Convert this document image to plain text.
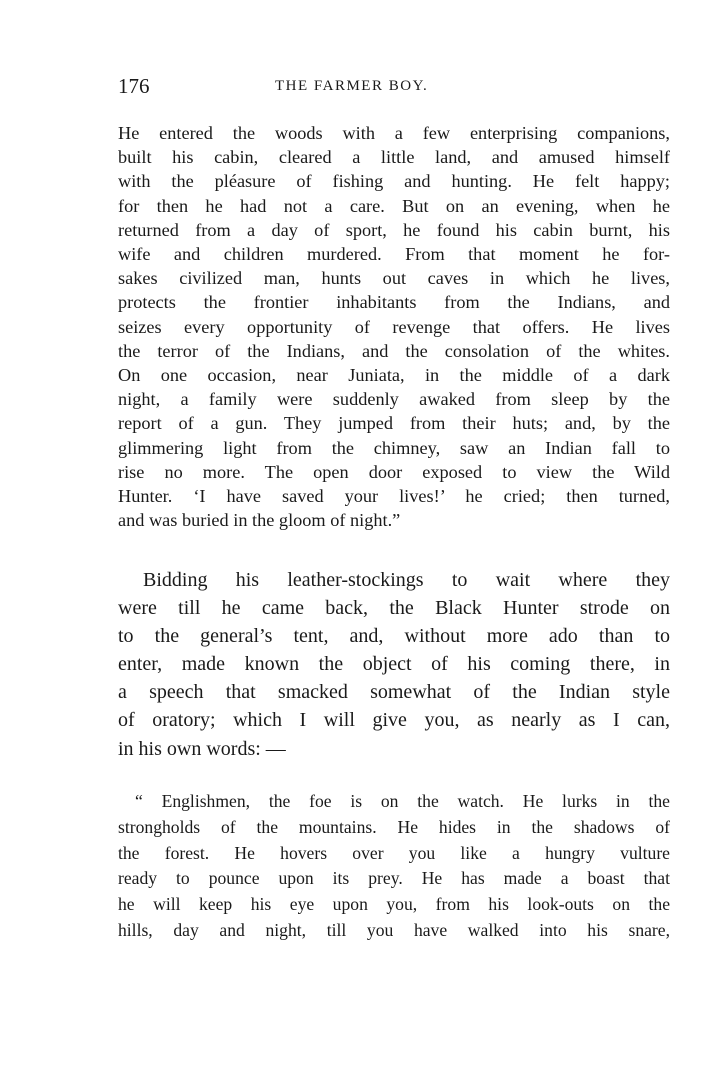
176	THE FARMER BOY.
He entered the woods with a few enterprising companions,
built his cabin, cleared a little land, and amused himself
with the pléasure of fishing and hunting. He felt happy;
for then he had not a care. But on an evening, when he
returned from a day of sport, he found his cabin burnt, his
wife and children murdered. From that moment he for-
sakes civilized man, hunts out caves in which he lives,
protects the frontier inhabitants from the Indians, and
seizes every opportunity of revenge that offers. He lives
the terror of the Indians, and the consolation of the whites.
On one occasion, near Juniata, in the middle of a dark
night, a family were suddenly awaked from sleep by the
report of a gun. They jumped from their huts; and, by the
glimmering light from the chimney, saw an Indian fall to
rise no more. The open door exposed to view the Wild
Hunter. ‘I have saved your lives!’ he cried; then turned,
and was buried in the gloom of night.”
Bidding his leather-stockings to wait where they
were till he came back, the Black Hunter strode on
to the general’s tent, and, without more ado than to
enter, made known the object of his coming there, in
a speech that smacked somewhat of the Indian style
of oratory; which I will give you, as nearly as I can,
in his own words: —
“ Englishmen, the foe is on the watch. He lurks in the
strongholds of the mountains. He hides in the shadows of
the forest. He hovers over you like a hungry vulture
ready to pounce upon its prey. He has made a boast that
he will keep his eye upon you, from his look-outs on the
hills, day and night, till you have walked into his snare,
